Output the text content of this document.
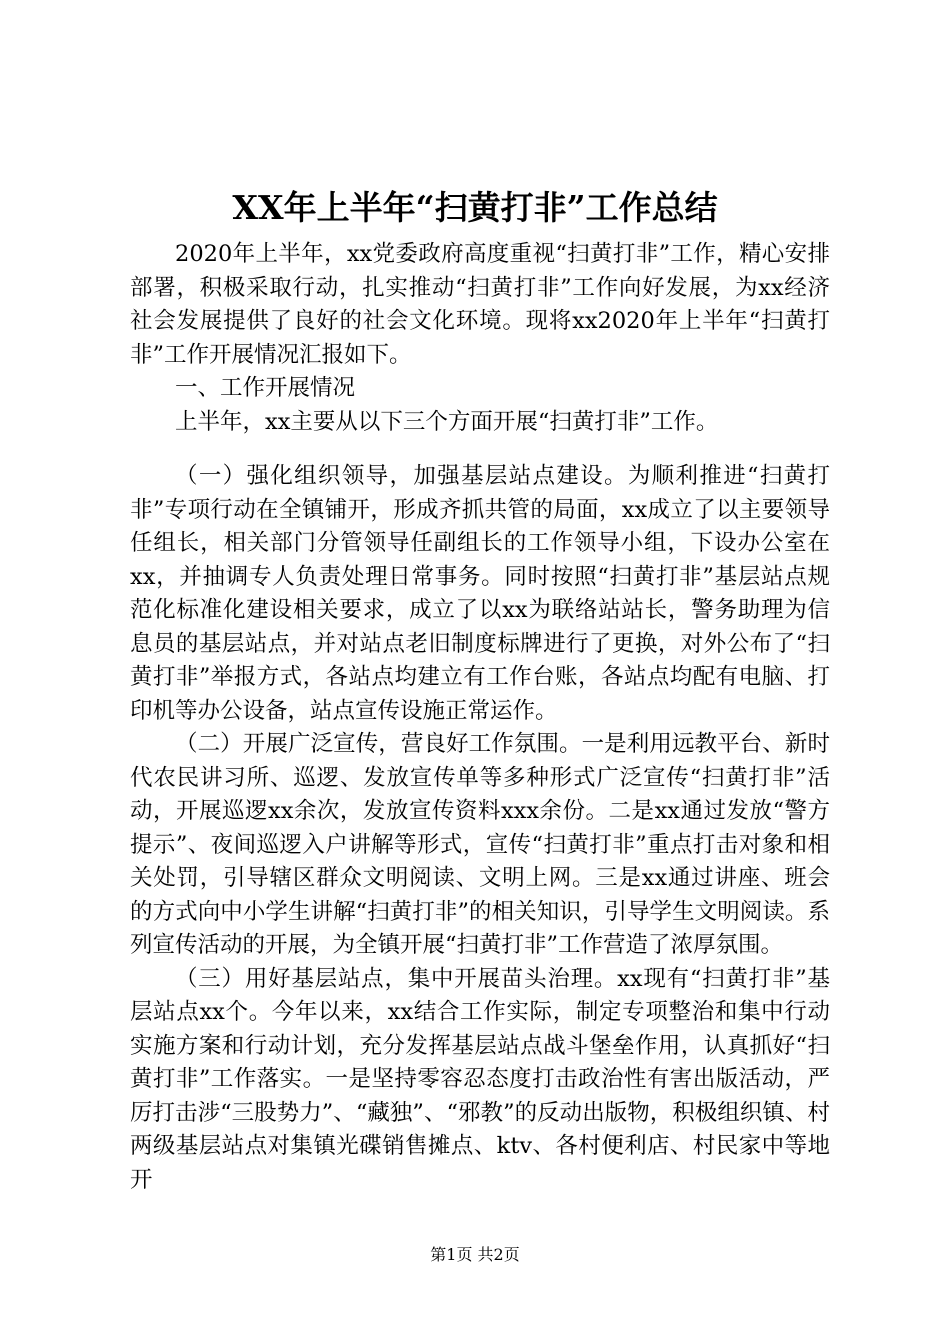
XX年上半年“扫黄打非”工作总结

2020年上半年，xx党委政府高度重视“扫黄打非”工作，精心安排部署，积极采取行动，扎实推动“扫黄打非”工作向好发展，为xx经济社会发展提供了良好的社会文化环境。现将xx2020年上半年“扫黄打非”工作开展情况汇报如下。

一、工作开展情况

上半年，xx主要从以下三个方面开展“扫黄打非”工作。

（一）强化组织领导，加强基层站点建设。为顺利推进“扫黄打非”专项行动在全镇铺开，形成齐抓共管的局面，xx成立了以主要领导任组长，相关部门分管领导任副组长的工作领导小组，下设办公室在xx，并抽调专人负责处理日常事务。同时按照“扫黄打非”基层站点规范化标准化建设相关要求，成立了以xx为联络站站长，警务助理为信息员的基层站点，并对站点老旧制度标牌进行了更换，对外公布了“扫黄打非”举报方式，各站点均建立有工作台账，各站点均配有电脑、打印机等办公设备，站点宣传设施正常运作。

（二）开展广泛宣传，营良好工作氛围。一是利用远教平台、新时代农民讲习所、巡逻、发放宣传单等多种形式广泛宣传“扫黄打非”活动，开展巡逻xx余次，发放宣传资料xxx余份。二是xx通过发放“警方提示”、夜间巡逻入户讲解等形式，宣传“扫黄打非”重点打击对象和相关处罚，引导辖区群众文明阅读、文明上网。三是xx通过讲座、班会的方式向中小学生讲解“扫黄打非”的相关知识，引导学生文明阅读。系列宣传活动的开展，为全镇开展“扫黄打非”工作营造了浓厚氛围。

（三）用好基层站点，集中开展苗头治理。xx现有“扫黄打非”基层站点xx个。今年以来，xx结合工作实际，制定专项整治和集中行动实施方案和行动计划，充分发挥基层站点战斗堡垒作用，认真抓好“扫黄打非”工作落实。一是坚持零容忍态度打击政治性有害出版活动，严厉打击涉“三股势力”、“藏独”、“邪教”的反动出版物，积极组织镇、村两级基层站点对集镇光碟销售摊点、ktv、各村便利店、村民家中等地开

第1页 共2页
